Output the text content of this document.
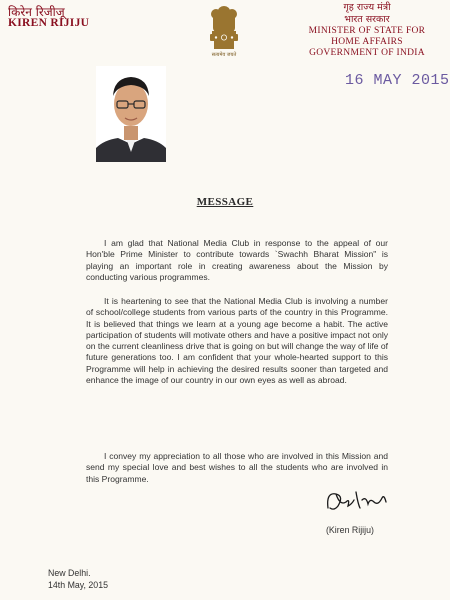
किरेन रिजीजू
KIREN RIJIJU
सत्यमेव जयते
गृह राज्य मंत्री
भारत सरकार
MINISTER OF STATE FOR
HOME AFFAIRS
GOVERNMENT OF INDIA
16 MAY 2015
MESSAGE

I am glad that National Media Club in response to the appeal of our Hon'ble Prime Minister to contribute towards `Swachh Bharat Mission" is playing an important role in creating awareness about the Mission by conducting various programmes.

It is heartening to see that the National Media Club is involving a number of school/college students from various parts of the country in this Programme. It is believed that things we learn at a young age become a habit. The active participation of students will motivate others and have a positive impact not only on the current cleanliness drive that is going on but will change the way of life of future generations too. I am confident that your whole-hearted support to this Programme will help in achieving the desired results sooner than targeted and enhance the image of our country in our own eyes as well as abroad.

I convey my appreciation to all those who are involved in this Mission and send my special love and best wishes to all the students who are involved in this Programme.

(Kiren Rijiju)
New Delhi.
14th May, 2015
